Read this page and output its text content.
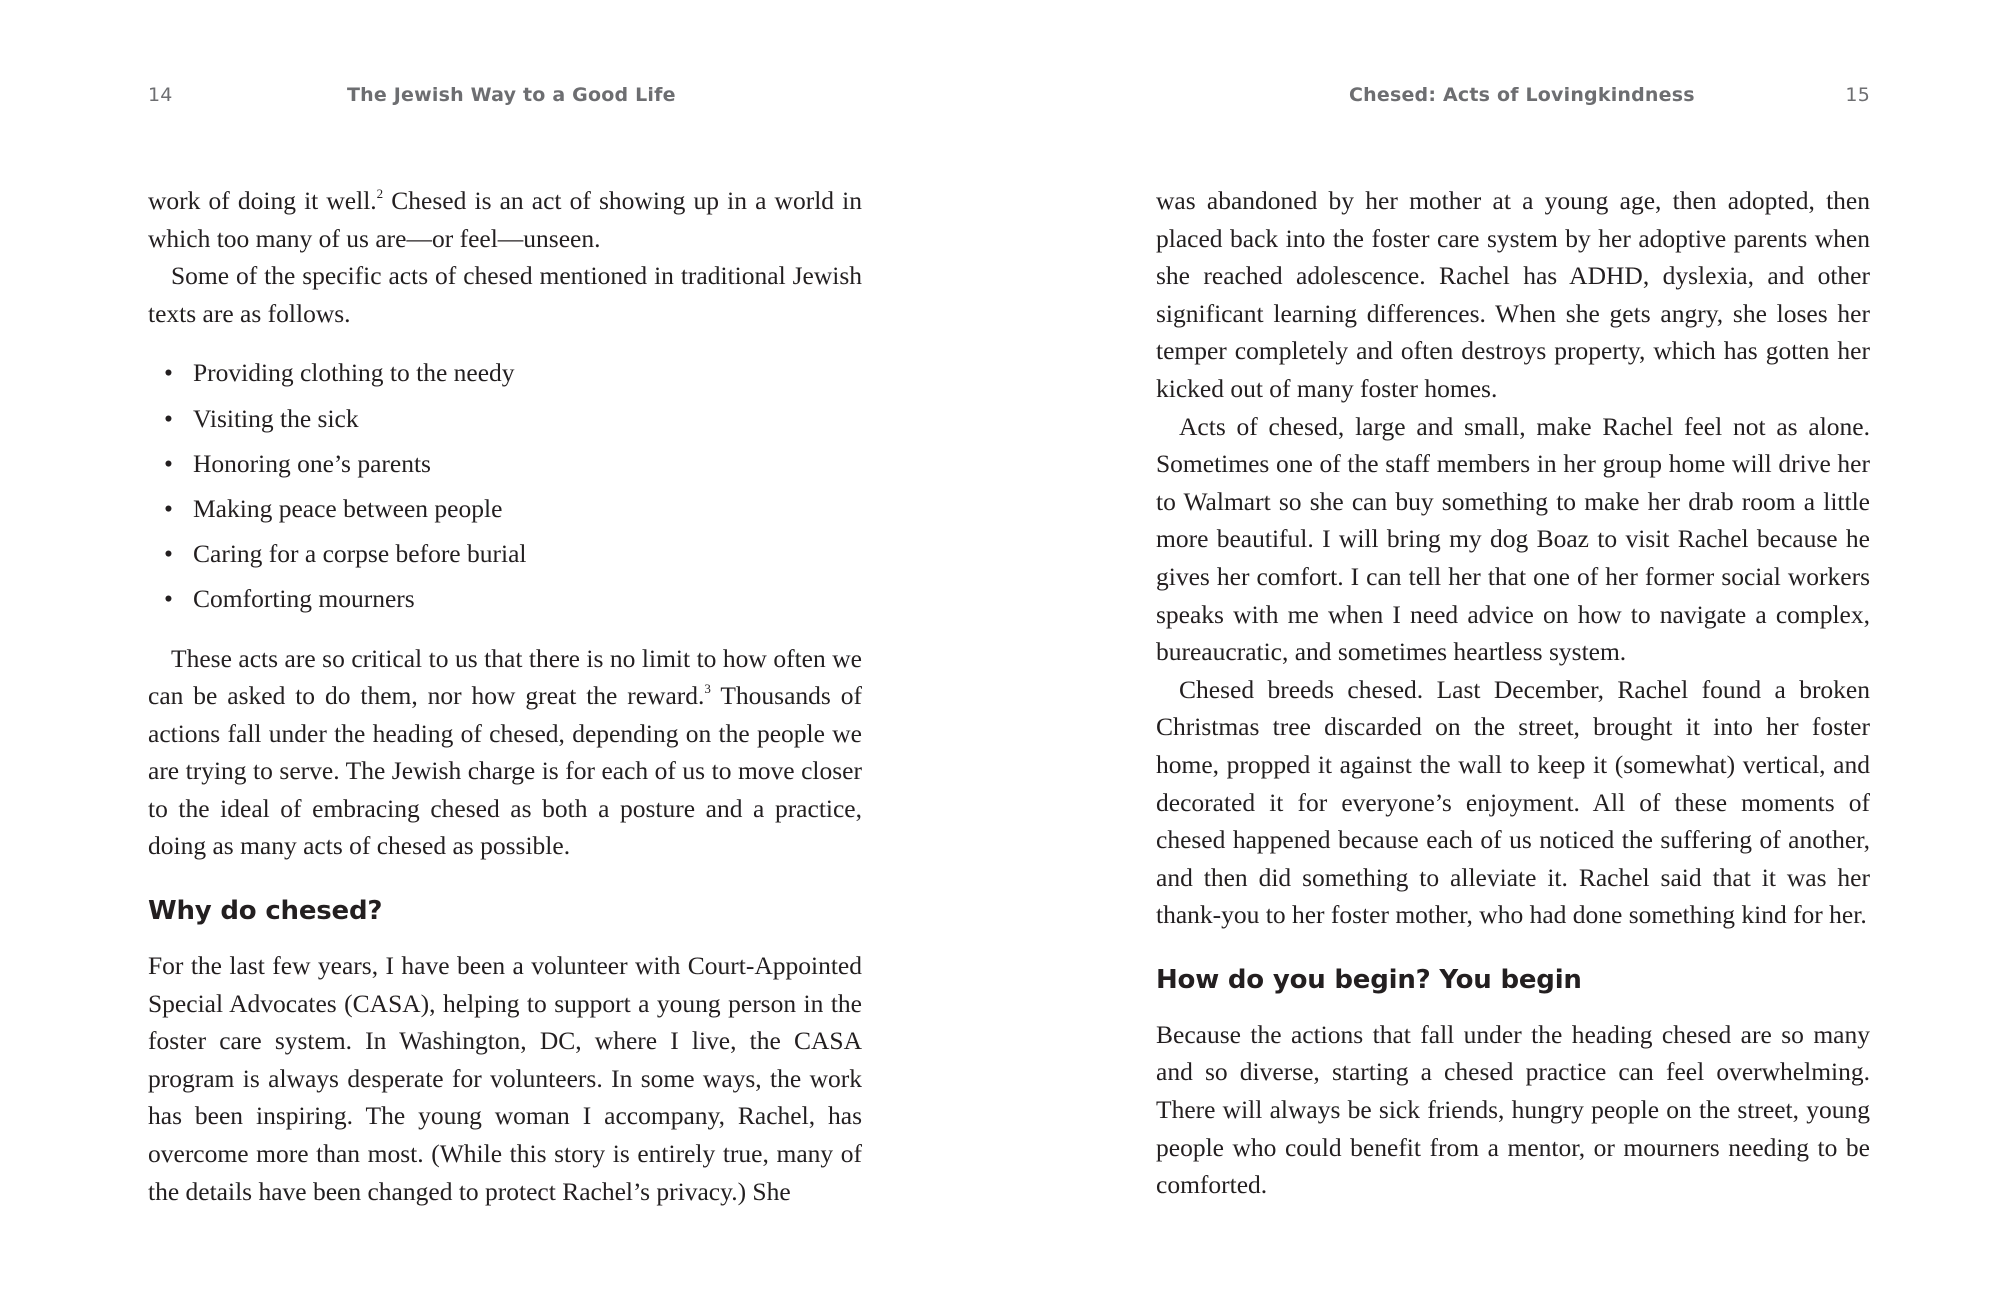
14	The Jewish Way to a Good Life

work of doing it well.$^2$ Chesed is an act of showing up in a world in which too many of us are—or feel—unseen.

Some of the specific acts of chesed mentioned in traditional Jewish texts are as follows.

• Providing clothing to the needy
• Visiting the sick
• Honoring one’s parents
• Making peace between people
• Caring for a corpse before burial
• Comforting mourners

These acts are so critical to us that there is no limit to how often we can be asked to do them, nor how great the reward.$^3$ Thousands of actions fall under the heading of chesed, depending on the people we are trying to serve. The Jewish charge is for each of us to move closer to the ideal of embracing chesed as both a posture and a practice, doing as many acts of chesed as possible.

Why do chesed?

For the last few years, I have been a volunteer with Court-Appointed Special Advocates (CASA), helping to support a young person in the foster care system. In Washington, DC, where I live, the CASA program is always desperate for volunteers. In some ways, the work has been inspiring. The young woman I accompany, Rachel, has overcome more than most. (While this story is entirely true, many of the details have been changed to protect Rachel’s privacy.) She

Chesed: Acts of Lovingkindness	15

was abandoned by her mother at a young age, then adopted, then placed back into the foster care system by her adoptive parents when she reached adolescence. Rachel has ADHD, dyslexia, and other significant learning differences. When she gets angry, she loses her temper completely and often destroys property, which has gotten her kicked out of many foster homes.

Acts of chesed, large and small, make Rachel feel not as alone. Sometimes one of the staff members in her group home will drive her to Walmart so she can buy something to make her drab room a little more beautiful. I will bring my dog Boaz to visit Rachel because he gives her comfort. I can tell her that one of her former social workers speaks with me when I need advice on how to navigate a complex, bureaucratic, and sometimes heartless system.

Chesed breeds chesed. Last December, Rachel found a broken Christmas tree discarded on the street, brought it into her foster home, propped it against the wall to keep it (somewhat) vertical, and decorated it for everyone’s enjoyment. All of these moments of chesed happened because each of us noticed the suffering of another, and then did something to alleviate it. Rachel said that it was her thank-you to her foster mother, who had done something kind for her.

How do you begin? You begin

Because the actions that fall under the heading chesed are so many and so diverse, starting a chesed practice can feel overwhelming. There will always be sick friends, hungry people on the street, young people who could benefit from a mentor, or mourners needing to be comforted.
